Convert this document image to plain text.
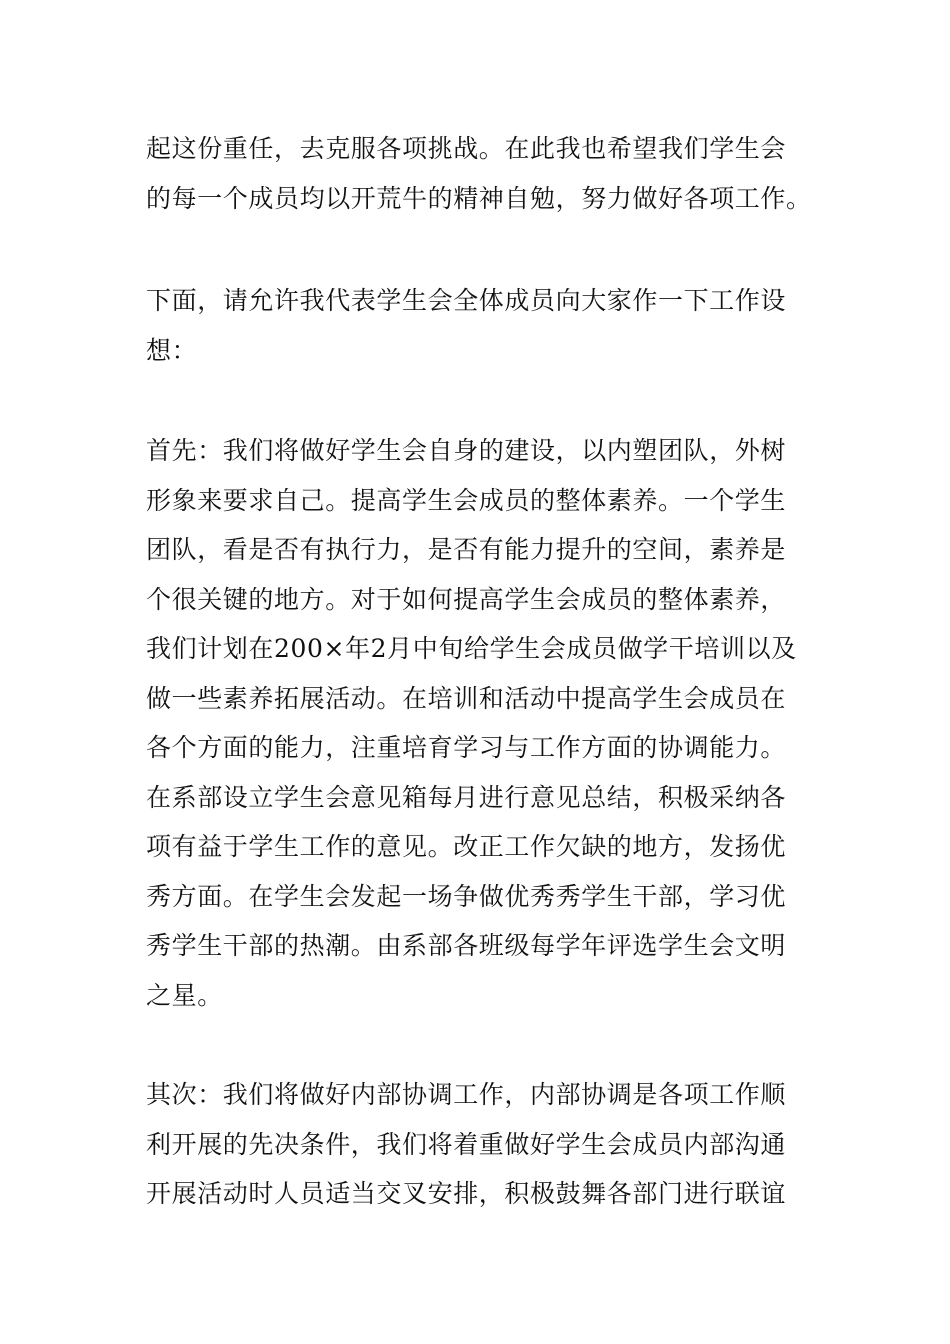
起这份重任，去克服各项挑战。在此我也希望我们学生会
的每一个成员均以开荒牛的精神自勉，努力做好各项工作。
下面，请允许我代表学生会全体成员向大家作一下工作设
想：
首先：我们将做好学生会自身的建设，以内塑团队，外树
形象来要求自己。提高学生会成员的整体素养。一个学生
团队，看是否有执行力，是否有能力提升的空间，素养是
个很关键的地方。对于如何提高学生会成员的整体素养，
我们计划在200×年2月中旬给学生会成员做学干培训以及
做一些素养拓展活动。在培训和活动中提高学生会成员在
各个方面的能力，注重培育学习与工作方面的协调能力。
在系部设立学生会意见箱每月进行意见总结，积极采纳各
项有益于学生工作的意见。改正工作欠缺的地方，发扬优
秀方面。在学生会发起一场争做优秀秀学生干部，学习优
秀学生干部的热潮。由系部各班级每学年评选学生会文明
之星。
其次：我们将做好内部协调工作，内部协调是各项工作顺
利开展的先决条件，我们将着重做好学生会成员内部沟通
开展活动时人员适当交叉安排，积极鼓舞各部门进行联谊
